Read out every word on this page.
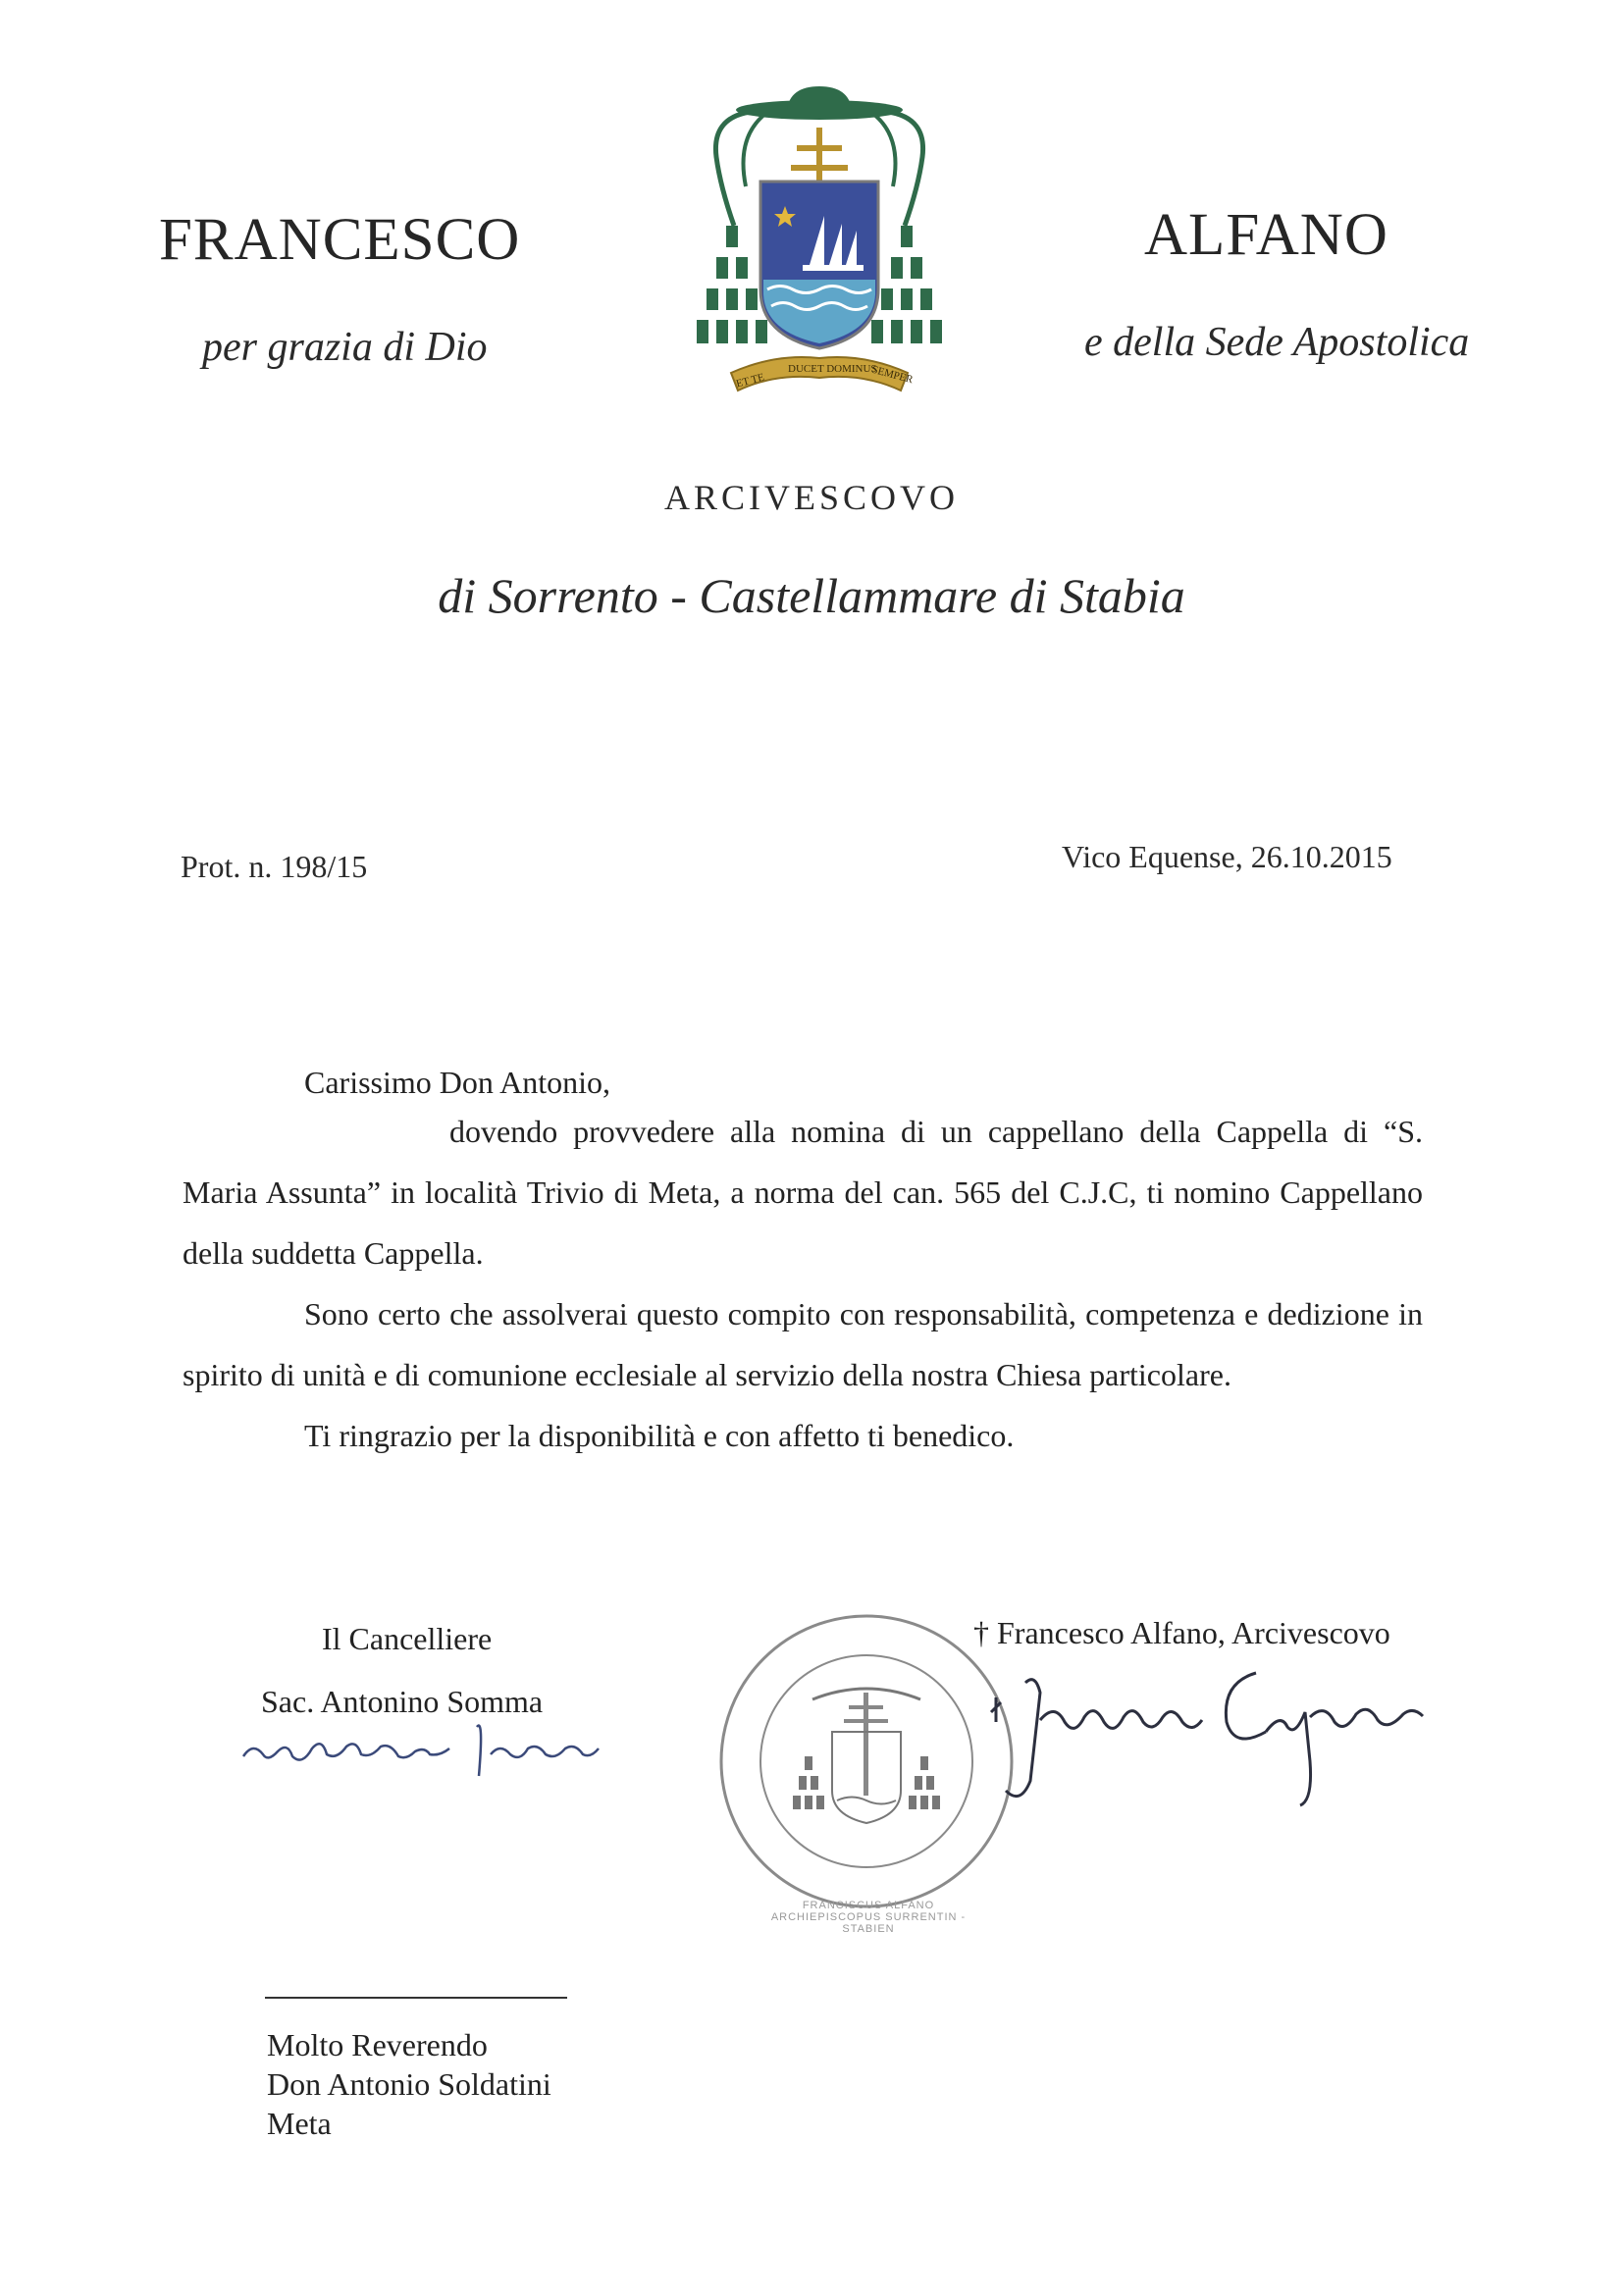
FRANCESCO	ALFANO
per grazia di Dio	e della Sede Apostolica
ET TE
DUCET DOMINUS
SEMPER
ARCIVESCOVO
di Sorrento - Castellammare di Stabia
Prot. n. 198/15	Vico Equense, 26.10.2015
Carissimo Don Antonio,

dovendo provvedere alla nomina di un cappellano della Cappella di “S. Maria Assunta” in località Trivio di Meta, a norma del can. 565 del C.J.C, ti nomino Cappellano della suddetta Cappella.

Sono certo che assolverai questo compito con responsabilità, competenza e dedizione in spirito di unità e di comunione ecclesiale al servizio della nostra Chiesa particolare.

Ti ringrazio per la disponibilità e con affetto ti benedico.

Il Cancelliere
Sac. Antonino Somma
† Francesco Alfano, Arcivescovo
FRANCISCUS ALFANO ARCHIEPISCOPUS SURRENTIN - STABIEN
Molto Reverendo
Don Antonio Soldatini
Meta
